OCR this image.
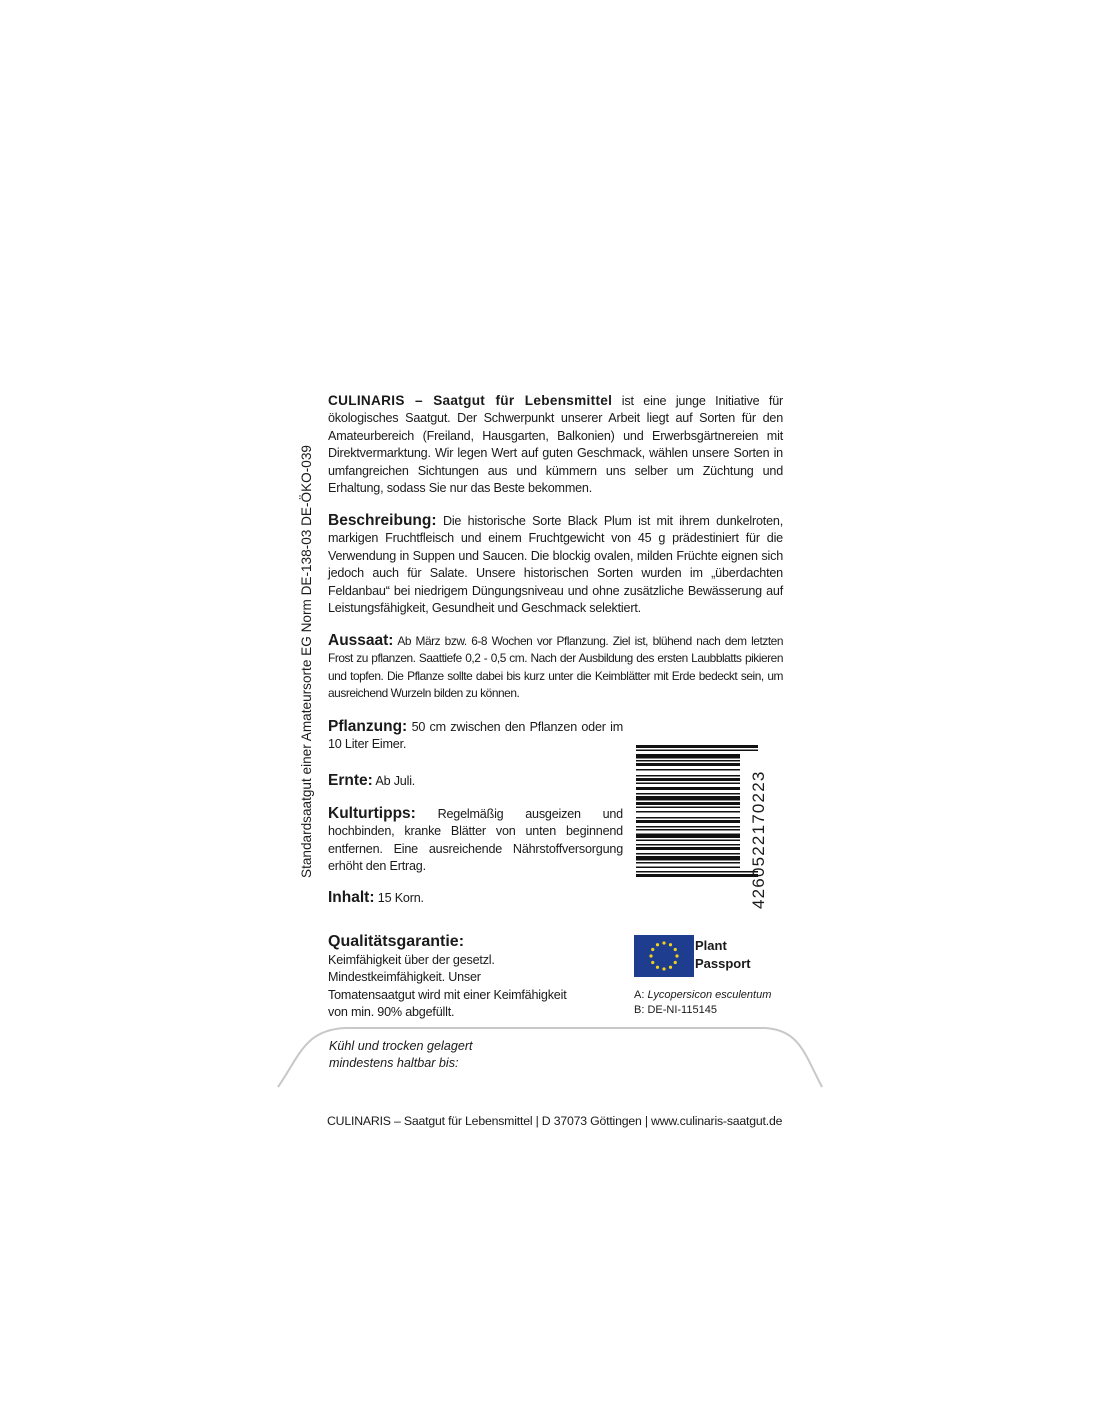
Standardsaatgut einer Amateursorte EG Norm DE-138-03 DE-ÖKO-039
CULINARIS – Saatgut für Lebensmittel ist eine junge Initiative für ökologisches Saatgut. Der Schwerpunkt unserer Arbeit liegt auf Sorten für den Amateurbereich (Freiland, Hausgarten, Balkonien) und Erwerbsgärtnereien mit Direktvermarktung. Wir legen Wert auf guten Geschmack, wählen unsere Sorten in umfangreichen Sichtungen aus und kümmern uns selber um Züchtung und Erhaltung, sodass Sie nur das Beste bekommen.
Beschreibung: Die historische Sorte Black Plum ist mit ihrem dunkelroten, markigen Fruchtfleisch und einem Fruchtgewicht von 45 g prädestiniert für die Verwendung in Suppen und Saucen. Die blockig ovalen, milden Früchte eignen sich jedoch auch für Salate. Unsere historischen Sorten wurden im „überdachten Feldanbau“ bei niedrigem Düngungsniveau und ohne zusätzliche Bewässerung auf Leistungsfähigkeit, Gesundheit und Geschmack selektiert.
Aussaat: Ab März bzw. 6-8 Wochen vor Pflanzung. Ziel ist, blühend nach dem letzten Frost zu pflanzen. Saattiefe 0,2 - 0,5 cm. Nach der Ausbildung des ersten Laubblatts pikieren und topfen. Die Pflanze sollte dabei bis kurz unter die Keimblätter mit Erde bedeckt sein, um ausreichend Wurzeln bilden zu können.
Pflanzung: 50 cm zwischen den Pflanzen oder im 10 Liter Eimer.
Ernte: Ab Juli.
Kulturtipps: Regelmäßig ausgeizen und hochbinden, kranke Blätter von unten beginnend entfernen. Eine ausreichende Nährstoffversorgung erhöht den Ertrag.
Inhalt: 15 Korn.
Qualitätsgarantie:
Keimfähigkeit über der gesetzl. Mindestkeimfähigkeit. Unser Tomatensaatgut wird mit einer Keimfähigkeit von min. 90% abgefüllt.
4260522170223
Plant
Passport
A: Lycopersicon esculentum
B: DE-NI-115145
Kühl und trocken gelagert
mindestens haltbar bis:
CULINARIS – Saatgut für Lebensmittel | D 37073 Göttingen | www.culinaris-saatgut.de
